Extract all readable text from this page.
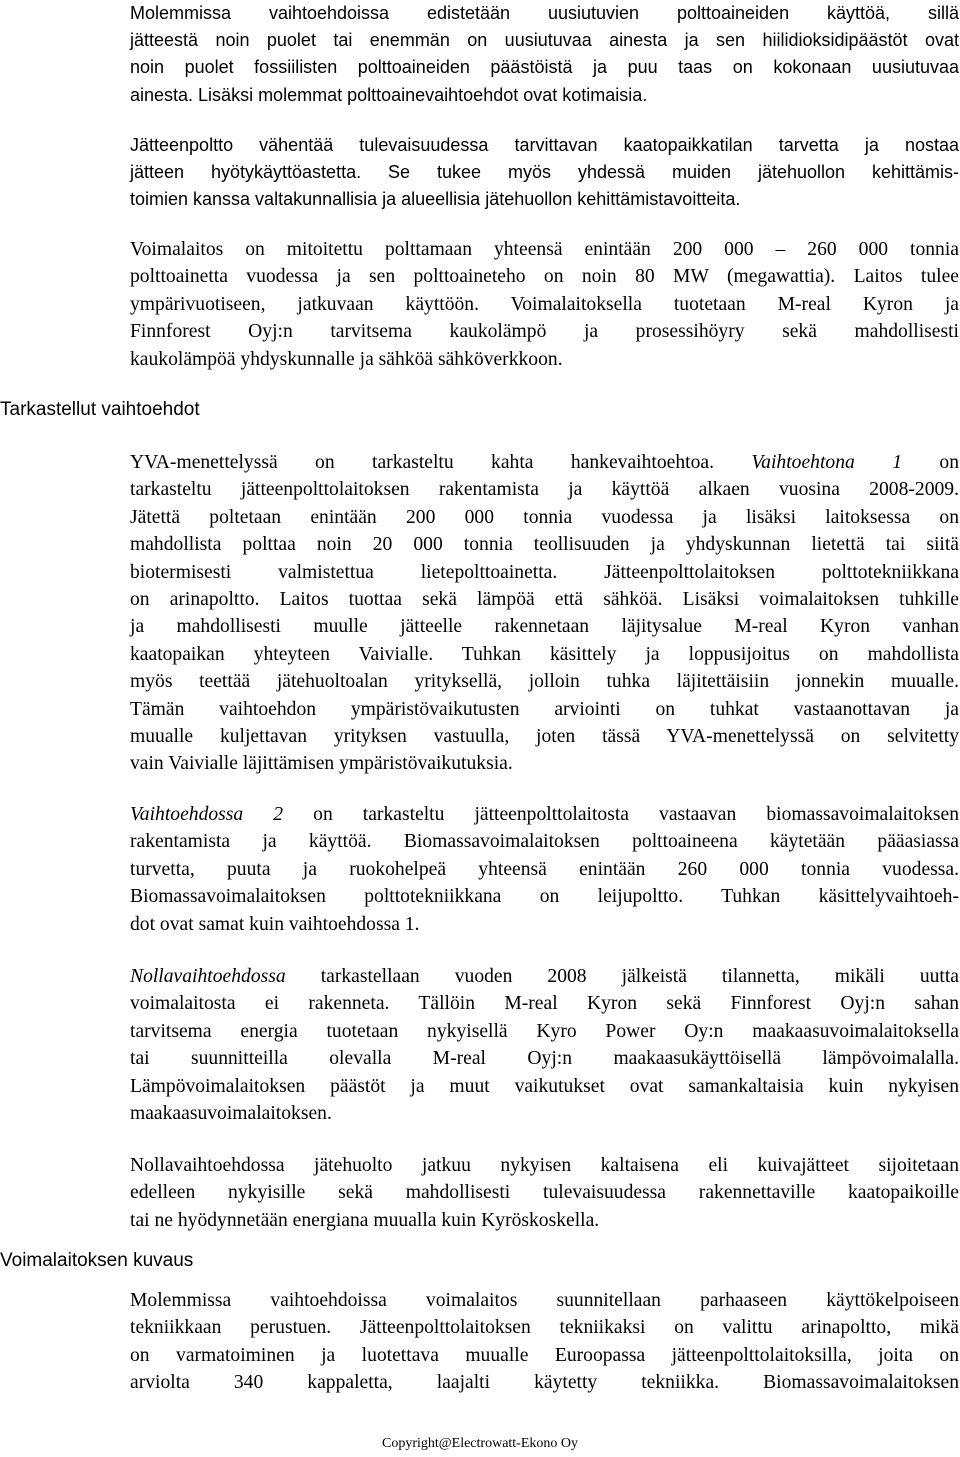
Molemmissa vaihtoehdoissa edistetään uusiutuvien polttoaineiden käyttöä, sillä
jätteestä noin puolet tai enemmän on uusiutuvaa ainesta ja sen hiilidioksidipäästöt ovat
noin puolet fossiilisten polttoaineiden päästöistä ja puu taas on kokonaan uusiutuvaa
ainesta. Lisäksi molemmat polttoainevaihtoehdot ovat kotimaisia.
Jätteenpoltto vähentää tulevaisuudessa tarvittavan kaatopaikkatilan tarvetta ja nostaa
jätteen hyötykäyttöastetta. Se tukee myös yhdessä muiden jätehuollon kehittämis-
toimien kanssa valtakunnallisia ja alueellisia jätehuollon kehittämistavoitteita.
Voimalaitos on mitoitettu polttamaan yhteensä enintään 200 000 – 260 000 tonnia
polttoainetta vuodessa ja sen polttoaineteho on noin 80 MW (megawattia). Laitos tulee
ympärivuotiseen, jatkuvaan käyttöön. Voimalaitoksella tuotetaan M-real Kyron ja
Finnforest Oyj:n tarvitsema kaukolämpö ja prosessihöyry sekä mahdollisesti
kaukolämpöä yhdyskunnalle ja sähköä sähköverkkoon.
Tarkastellut vaihtoehdot
YVA-menettelyssä on tarkasteltu kahta hankevaihtoehtoa. Vaihtoehtona 1 on
tarkasteltu jätteenpolttolaitoksen rakentamista ja käyttöä alkaen vuosina 2008-2009.
Jätettä poltetaan enintään 200 000 tonnia vuodessa ja lisäksi laitoksessa on
mahdollista polttaa noin 20 000 tonnia teollisuuden ja yhdyskunnan lietettä tai siitä
biotermisesti valmistettua lietepolttoainetta. Jätteenpolttolaitoksen polttotekniikkana
on arinapoltto. Laitos tuottaa sekä lämpöä että sähköä. Lisäksi voimalaitoksen tuhkille
ja mahdollisesti muulle jätteelle rakennetaan läjitysalue M-real Kyron vanhan
kaatopaikan yhteyteen Vaivialle. Tuhkan käsittely ja loppusijoitus on mahdollista
myös teettää jätehuoltoalan yrityksellä, jolloin tuhka läjitettäisiin jonnekin muualle.
Tämän vaihtoehdon ympäristövaikutusten arviointi on tuhkat vastaanottavan ja
muualle kuljettavan yrityksen vastuulla, joten tässä YVA-menettelyssä on selvitetty
vain Vaivialle läjittämisen ympäristövaikutuksia.
Vaihtoehdossa 2 on tarkasteltu jätteenpolttolaitosta vastaavan biomassavoimalaitoksen
rakentamista ja käyttöä. Biomassavoimalaitoksen polttoaineena käytetään pääasiassa
turvetta, puuta ja ruokohelpeä yhteensä enintään 260 000 tonnia vuodessa.
Biomassavoimalaitoksen polttotekniikkana on leijupoltto. Tuhkan käsittelyvaihtoeh-
dot ovat samat kuin vaihtoehdossa 1.
Nollavaihtoehdossa tarkastellaan vuoden 2008 jälkeistä tilannetta, mikäli uutta
voimalaitosta ei rakenneta. Tällöin M-real Kyron sekä Finnforest Oyj:n sahan
tarvitsema energia tuotetaan nykyisellä Kyro Power Oy:n maakaasuvoimalaitoksella
tai suunnitteilla olevalla M-real Oyj:n maakaasukäyttöisellä lämpövoimalalla.
Lämpövoimalaitoksen päästöt ja muut vaikutukset ovat samankaltaisia kuin nykyisen
maakaasuvoimalaitoksen.
Nollavaihtoehdossa jätehuolto jatkuu nykyisen kaltaisena eli kuivajätteet sijoitetaan
edelleen nykyisille sekä mahdollisesti tulevaisuudessa rakennettaville kaatopaikoille
tai ne hyödynnetään energiana muualla kuin Kyröskoskella.
Voimalaitoksen kuvaus
Molemmissa vaihtoehdoissa voimalaitos suunnitellaan parhaaseen käyttökelpoiseen
tekniikkaan perustuen. Jätteenpolttolaitoksen tekniikaksi on valittu arinapoltto, mikä
on varmatoiminen ja luotettava muualle Euroopassa jätteenpolttolaitoksilla, joita on
arviolta 340 kappaletta, laajalti käytetty tekniikka. Biomassavoimalaitoksen
Copyright@Electrowatt-Ekono Oy
